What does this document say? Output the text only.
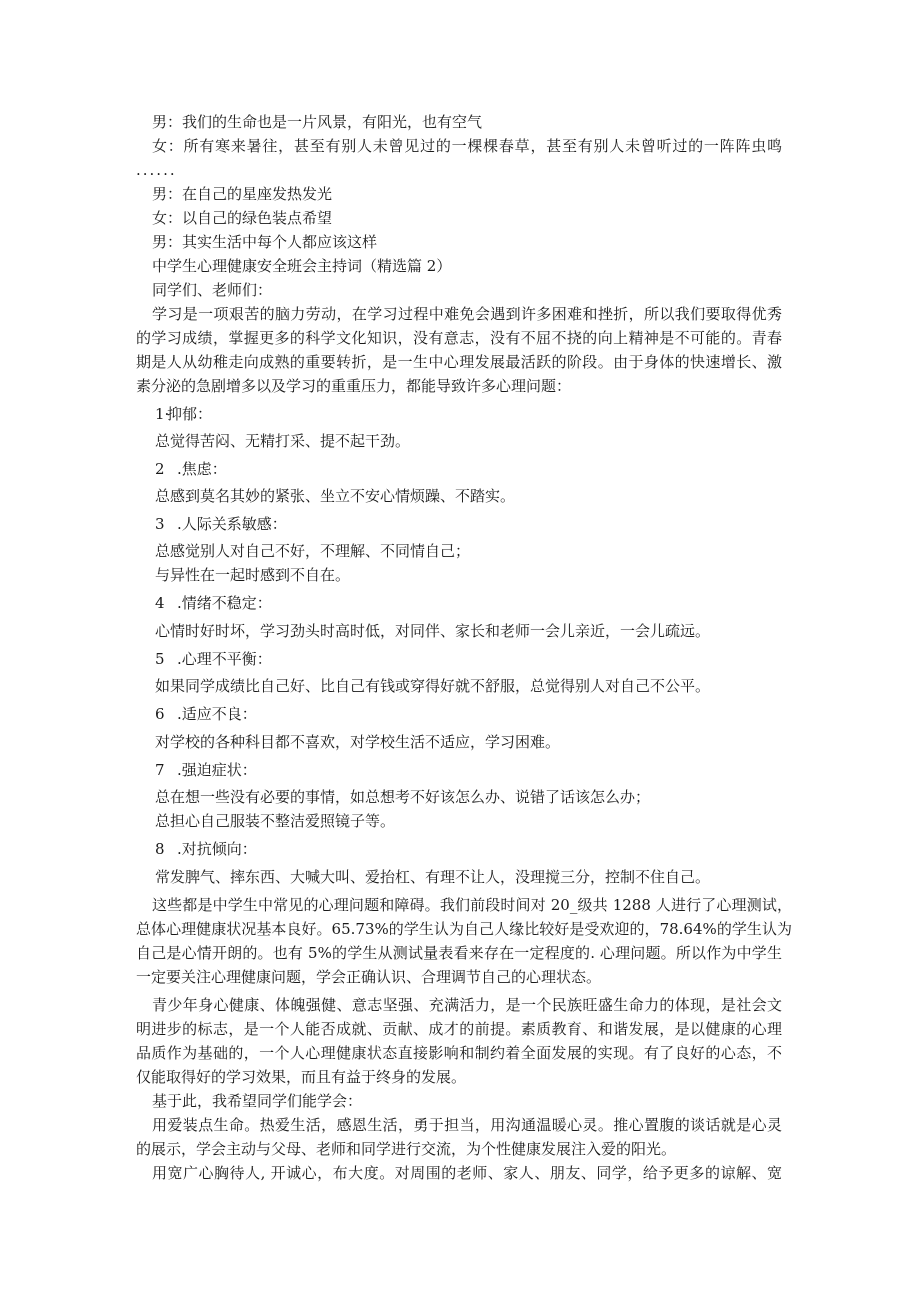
男：我们的生命也是一片风景，有阳光，也有空气

女：所有寒来暑往，甚至有别人未曾见过的一棵棵春草，甚至有别人未曾听过的一阵阵虫鸣

......

男：在自己的星座发热发光

女：以自己的绿色装点希望

男：其实生活中每个人都应该这样

中学生心理健康安全班会主持词（精选篇 2）

同学们、老师们：

学习是一项艰苦的脑力劳动，在学习过程中难免会遇到许多困难和挫折，所以我们要取得优秀

的学习成绩，掌握更多的科学文化知识，没有意志，没有不屈不挠的向上精神是不可能的。青春

期是人从幼稚走向成熟的重要转折，是一生中心理发展最活跃的阶段。由于身体的快速增长、激

素分泌的急剧增多以及学习的重重压力，都能导致许多心理问题：

1·

抑郁：

总觉得苦闷、无精打采、提不起干劲。

2 .焦虑：

总感到莫名其妙的紧张、坐立不安心情烦躁、不踏实。

3 .人际关系敏感：

总感觉别人对自己不好，不理解、不同情自己；

与异性在一起时感到不自在。

4 .情绪不稳定：

心情时好时坏，学习劲头时高时低，对同伴、家长和老师一会儿亲近，一会儿疏远。

5 .心理不平衡：

如果同学成绩比自己好、比自己有钱或穿得好就不舒服，总觉得别人对自己不公平。

6 .适应不良：

对学校的各种科目都不喜欢，对学校生活不适应，学习困难。

7 .强迫症状：

总在想一些没有必要的事情，如总想考不好该怎么办、说错了话该怎么办；

总担心自己服装不整洁爱照镜子等。

8 .对抗倾向：

常发脾气、摔东西、大喊大叫、爱抬杠、有理不让人，没理搅三分，控制不住自己。

这些都是中学生中常见的心理问题和障碍。我们前段时间对 20_级共 1288 人进行了心理测试，

总体心理健康状况基本良好。65.73%的学生认为自己人缘比较好是受欢迎的，78.64%的学生认为

自己是心情开朗的。也有 5%的学生从测试量表看来存在一定程度的. 心理问题。所以作为中学生

一定要关注心理健康问题，学会正确认识、合理调节自己的心理状态。

青少年身心健康、体魄强健、意志坚强、充满活力，是一个民族旺盛生命力的体现，是社会文

明进步的标志，是一个人能否成就、贡献、成才的前提。素质教育、和谐发展，是以健康的心理

品质作为基础的，一个人心理健康状态直接影响和制约着全面发展的实现。有了良好的心态，不

仅能取得好的学习效果，而且有益于终身的发展。

基于此，我希望同学们能学会：

用爱装点生命。热爱生活，感恩生活，勇于担当，用沟通温暖心灵。推心置腹的谈话就是心灵

的展示，学会主动与父母、老师和同学进行交流，为个性健康发展注入爱的阳光。

用宽广心胸待人, 开诚心，布大度。对周围的老师、家人、朋友、同学，给予更多的谅解、宽
